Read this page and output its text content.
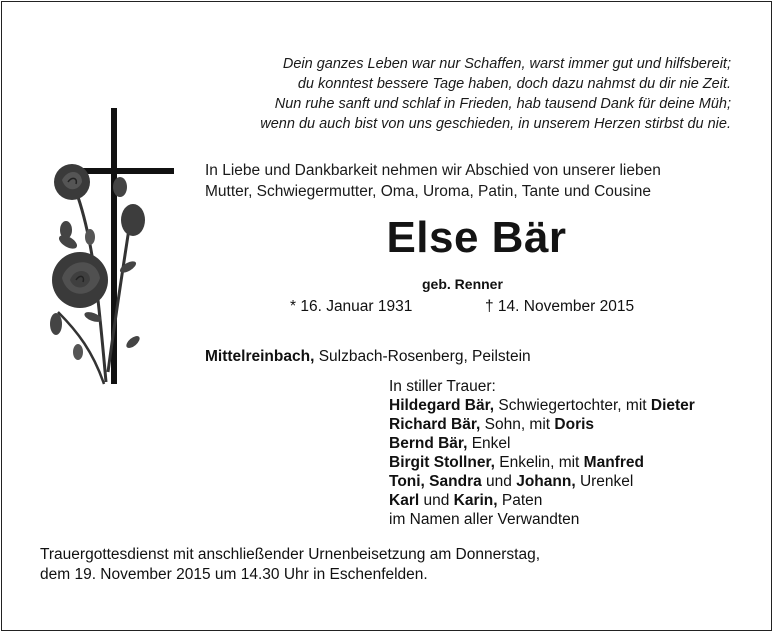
Dein ganzes Leben war nur Schaffen, warst immer gut und hilfsbereit;
du konntest bessere Tage haben, doch dazu nahmst du dir nie Zeit.
Nun ruhe sanft und schlaf in Frieden, hab tausend Dank für deine Müh;
wenn du auch bist von uns geschieden, in unserem Herzen stirbst du nie.
In Liebe und Dankbarkeit nehmen wir Abschied von unserer lieben
Mutter, Schwiegermutter, Oma, Uroma, Patin, Tante und Cousine
Else Bär
geb. Renner
* 16. Januar 1931	† 14. November 2015
Mittelreinbach, Sulzbach-Rosenberg, Peilstein
In stiller Trauer:
Hildegard Bär, Schwiegertochter, mit Dieter
Richard Bär, Sohn, mit Doris
Bernd Bär, Enkel
Birgit Stollner, Enkelin, mit Manfred
Toni, Sandra und Johann, Urenkel
Karl und Karin, Paten
im Namen aller Verwandten
Trauergottesdienst mit anschließender Urnenbeisetzung am Donnerstag,
dem 19. November 2015 um 14.30 Uhr in Eschenfelden.
